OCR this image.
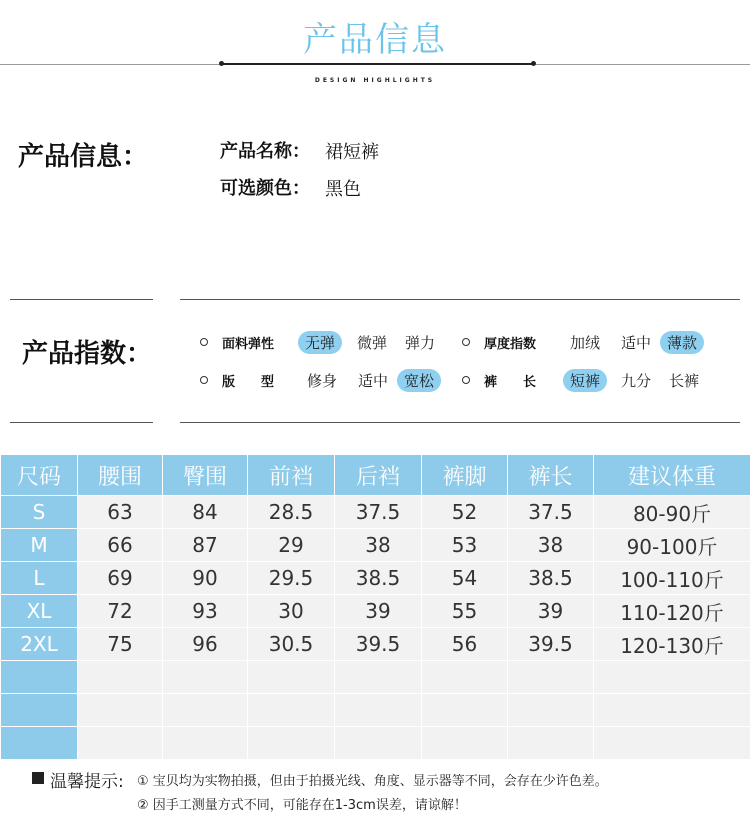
产品信息
DESIGN HIGHLIGHTS
产品信息：	产品名称： 裙短裤
可选颜色： 黑色
产品指数：	面料弹性	无弹	微弹 弹力	厚度指数 加绒 适中	薄款
版　　型 修身 适中	宽松	裤　　长	短裤	九分 长裤
尺码	腰围	臀围	前裆	后裆	裤脚	裤长	建议体重
S	63	84	28.5	37.5	52	37.5	80-90斤
M	66	87	29	38	53	38	90-100斤
L	69	90	29.5	38.5	54	38.5	100-110斤
XL	72	93	30	39	55	39	110-120斤
2XL	75	96	30.5	39.5	56	39.5	120-130斤

温馨提示: ① 宝贝均为实物拍摄，但由于拍摄光线、角度、显示器等不同，会存在少许色差。
② 因手工测量方式不同，可能存在1-3cm误差，请谅解！
